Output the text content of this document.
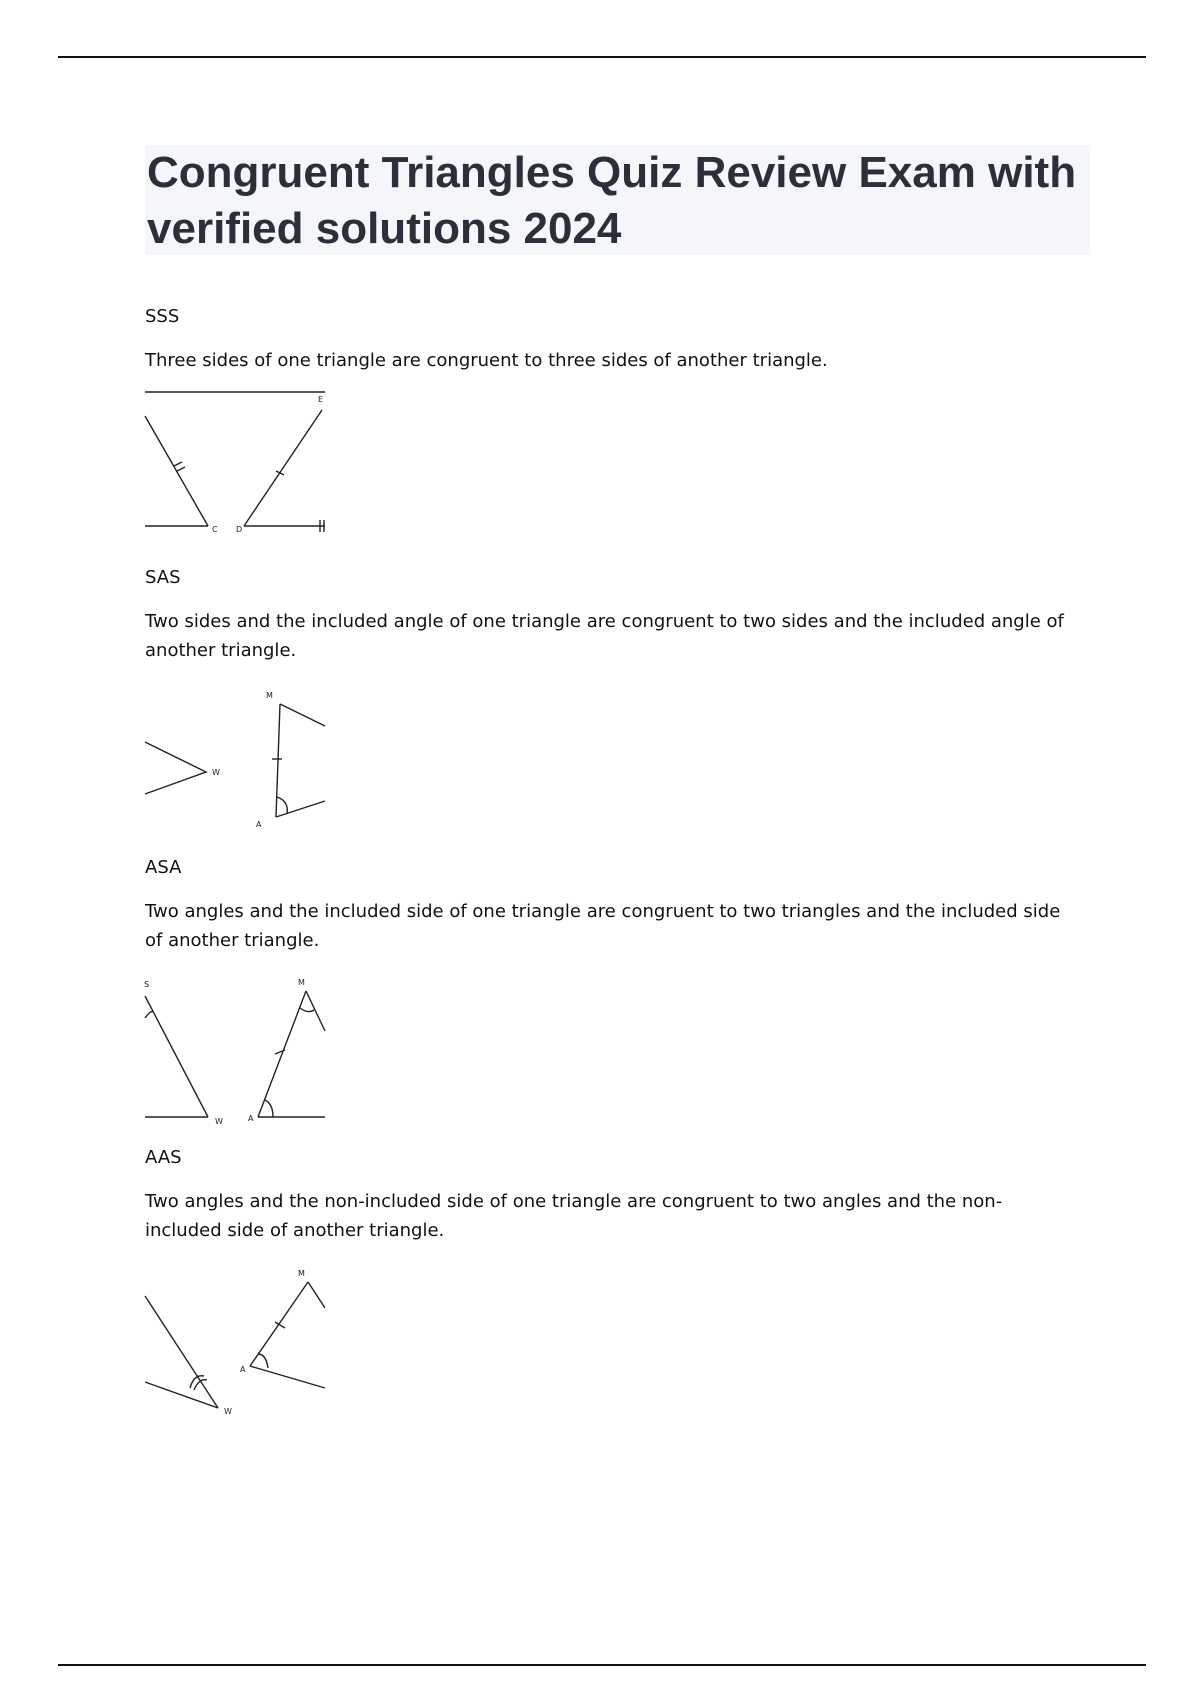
Congruent Triangles Quiz Review Exam with verified solutions 2024

SSS

Three sides of one triangle are congruent to three sides of another triangle.

C D
E

SAS

Two sides and the included angle of one triangle are congruent to two sides and the included angle of another triangle.

W
M
A

ASA

Two angles and the included side of one triangle are congruent to two triangles and the included side of another triangle.

S
W
M
A

AAS

Two angles and the non-included side of one triangle are congruent to two angles and the non-included side of another triangle.

W
M
A
